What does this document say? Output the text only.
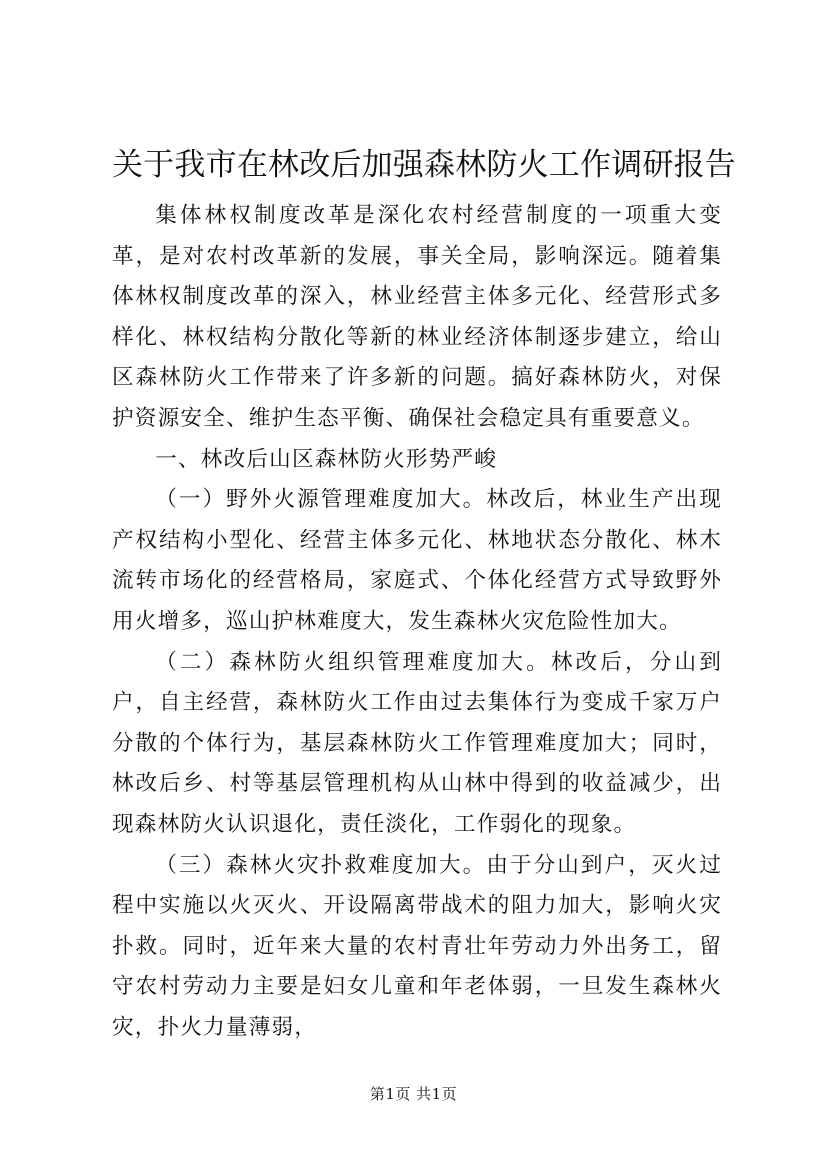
关于我市在林改后加强森林防火工作调研报告

集体林权制度改革是深化农村经营制度的一项重大变革，是对农村改革新的发展，事关全局，影响深远。随着集体林权制度改革的深入，林业经营主体多元化、经营形式多样化、林权结构分散化等新的林业经济体制逐步建立，给山区森林防火工作带来了许多新的问题。搞好森林防火，对保护资源安全、维护生态平衡、确保社会稳定具有重要意义。

一、林改后山区森林防火形势严峻

（一）野外火源管理难度加大。林改后，林业生产出现产权结构小型化、经营主体多元化、林地状态分散化、林木流转市场化的经营格局，家庭式、个体化经营方式导致野外用火增多，巡山护林难度大，发生森林火灾危险性加大。

（二）森林防火组织管理难度加大。林改后，分山到户，自主经营，森林防火工作由过去集体行为变成千家万户分散的个体行为，基层森林防火工作管理难度加大；同时，林改后乡、村等基层管理机构从山林中得到的收益减少，出现森林防火认识退化，责任淡化，工作弱化的现象。

（三）森林火灾扑救难度加大。由于分山到户，灭火过程中实施以火灭火、开设隔离带战术的阻力加大，影响火灾扑救。同时，近年来大量的农村青壮年劳动力外出务工，留守农村劳动力主要是妇女儿童和年老体弱，一旦发生森林火灾，扑火力量薄弱，

第1页 共1页
